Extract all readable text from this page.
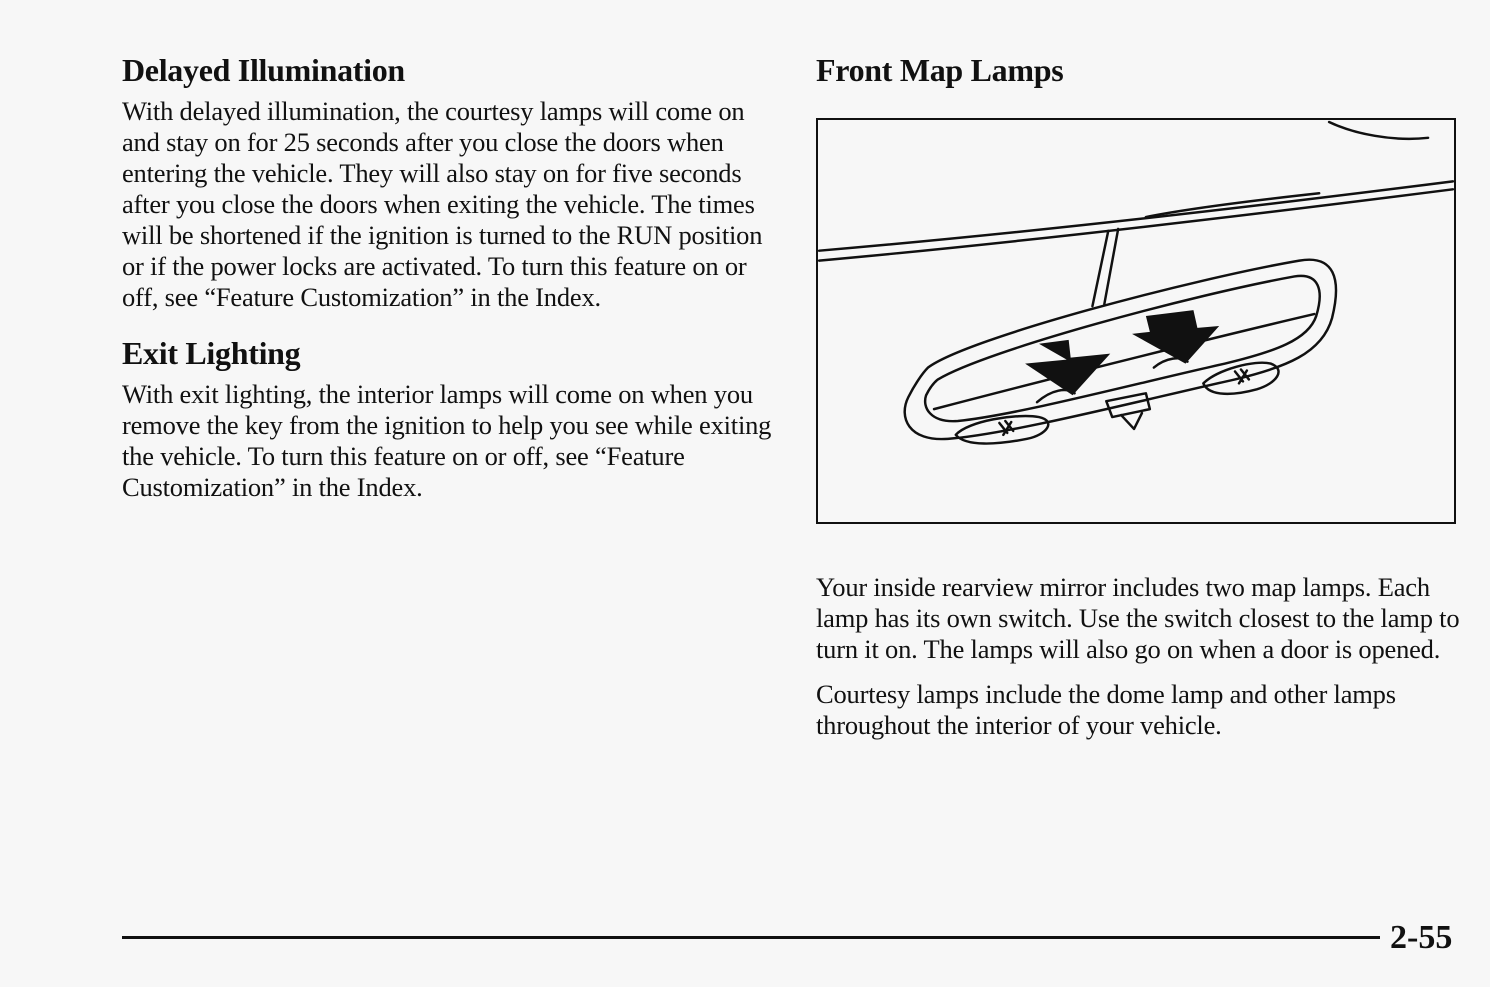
Delayed Illumination

With delayed illumination, the courtesy lamps will come on and stay on for 25 seconds after you close the doors when entering the vehicle. They will also stay on for five seconds after you close the doors when exiting the vehicle. The times will be shortened if the ignition is turned to the RUN position or if the power locks are activated. To turn this feature on or off, see “Feature Customization” in the Index.

Exit Lighting

With exit lighting, the interior lamps will come on when you remove the key from the ignition to help you see while exiting the vehicle. To turn this feature on or off, see “Feature Customization” in the Index.

Front Map Lamps

Your inside rearview mirror includes two map lamps. Each lamp has its own switch. Use the switch closest to the lamp to turn it on. The lamps will also go on when a door is opened.

Courtesy lamps include the dome lamp and other lamps throughout the interior of your vehicle.

2-55
